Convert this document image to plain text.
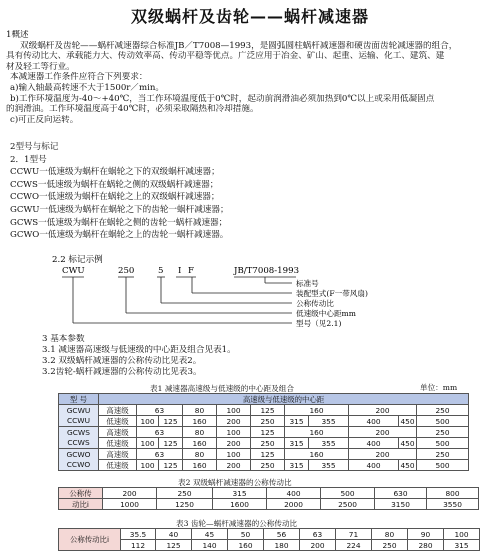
双级蜗杆及齿轮——蜗杆减速器
1概述
双级蜗杆及齿轮——蜗杆减速器综合标准JB／T7008—1993，是圆弧圆柱蜗杆减速器和硬齿面齿轮减速器的组合，
具有传动比大、承载能力大、传动效率高、传动平稳等优点。广泛应用于冶金、矿山、起重、运输、化工、建筑、建
材及轻工等行业。
本减速器工作条件应符合下列要求：
a)输入轴最高转速不大于1500r／min。
b)工作环境温度为-40～+40℃，当工作环境温度低于0℃时，起动前润滑油必须加热到0℃以上或采用低凝固点
的润滑油。工作环境温度高于40℃时，必须采取隔热和冷却措施。
c)可正反向运转。
2型号与标记
2．1型号
CCWU一低速级为蜗杆在蜗轮之下的双级蜗杆减速器；
CCWS一低速级为蜗杆在蜗轮之侧的双级蜗杆减速器；
CCWO一低速级为蜗杆在蜗轮之上的双级蜗杆减速器；
GCWU一低速级为蜗杆在蜗轮之下的齿轮一蜗杆减速器；
GCWS一低速级为蜗杆在蜗轮之侧的齿轮一蜗杆减速器；
GCWO一低速级为蜗杆在蜗轮之上的齿轮一蜗杆减速器。
2.2 标记示例
CWU	250	5 I F	JB/T7008-1993
标准号
装配型式(F一带风扇)
公称传动比
低速级中心距mm
型号（见2.1)
3 基本参数
3.1 减速器高速级与低速级的中心距及组合见表1。
3.2 双级蜗杆减速器的公称传动比见表2。
3.2齿轮-蜗杆减速器的公称传动比见表3。
表1 减速器高速级与低速级的中心距及组合	单位：mm
型 号	高速级与低速级的中心距										
GCWU
CCWU	高速级	63		80	100	125	160		200		250
	低速级	100	125	160	200	250	315	355	400	450	500
GCWS
CCWS	高速级	63		80	100	125	160		200		250
	低速级	100	125	160	200	250	315	355	400	450	500
GCWO
CCWO	高速级	63		80	100	125	160		200		250
	低速级	100	125	160	200	250	315	355	400	450	500
表2 双级蜗杆减速器的公称传动比
公称传	200	250	315	400	500	630	800
动比i	1000	1250	1600	2000	2500	3150	3550
表3 齿轮—蜗杆减速器的公称传动比
公称传动比i	35.5	40	45	50	56	63	71	80	90	100
	112	125	140	160	180	200	224	250	280	315
